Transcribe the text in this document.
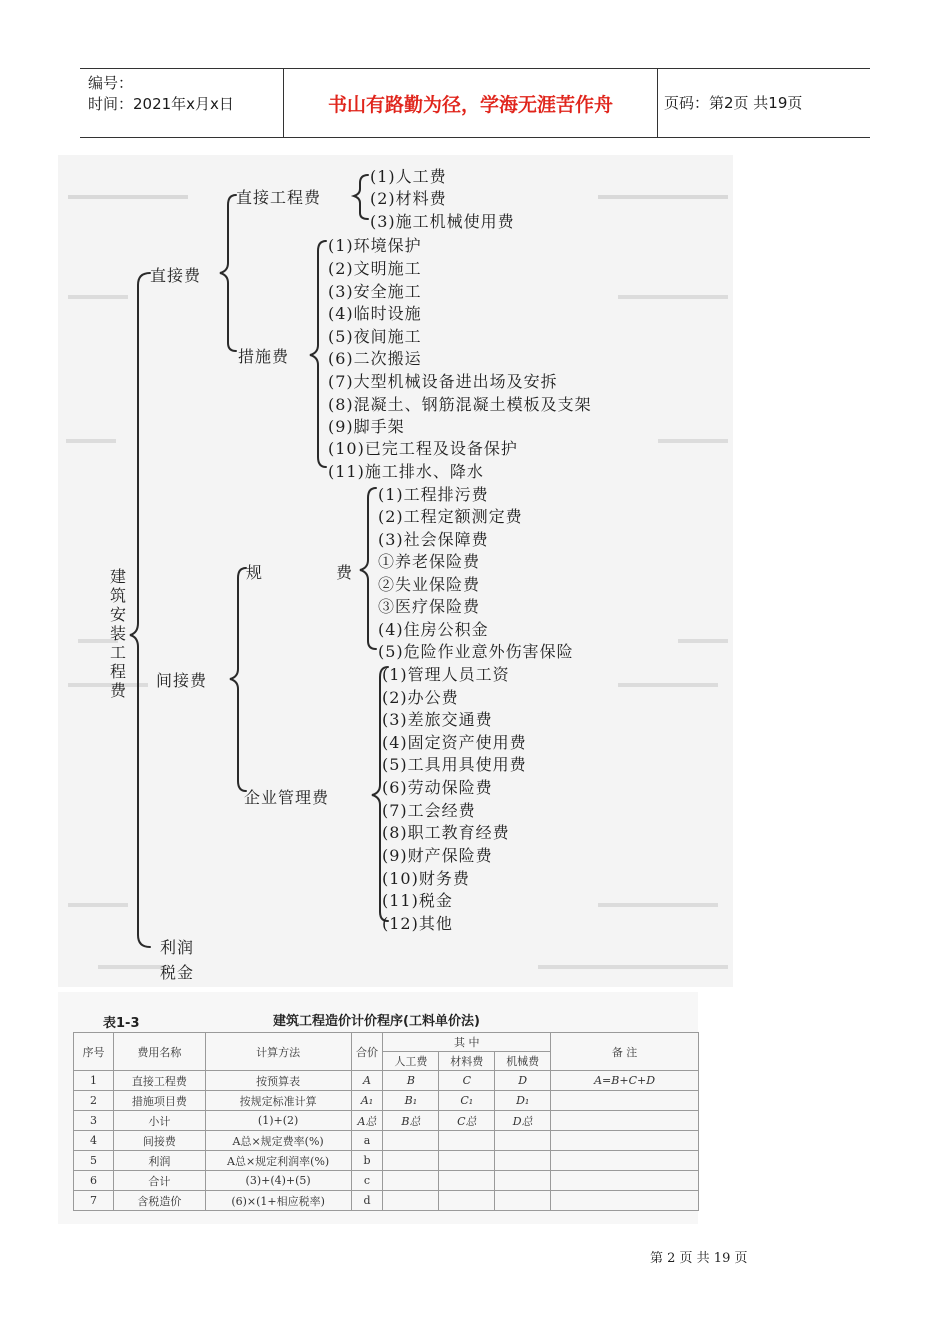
编号：
时间：2021年x月x日	书山有路勤为径，学海无涯苦作舟	页码：第2页 共19页
建筑安装工程费
直接费
间接费
利润
税金
直接工程费
措施费
规	费
企业管理费
(1)人工费
(2)材料费
(3)施工机械使用费
(1)环境保护
(2)文明施工
(3)安全施工
(4)临时设施
(5)夜间施工
(6)二次搬运
(7)大型机械设备进出场及安拆
(8)混凝土、钢筋混凝土模板及支架
(9)脚手架
(10)已完工程及设备保护
(11)施工排水、降水
(1)工程排污费
(2)工程定额测定费
(3)社会保障费
①养老保险费
②失业保险费
③医疗保险费
(4)住房公积金
(5)危险作业意外伤害保险
(1)管理人员工资
(2)办公费
(3)差旅交通费
(4)固定资产使用费
(5)工具用具使用费
(6)劳动保险费
(7)工会经费
(8)职工教育经费
(9)财产保险费
(10)财务费
(11)税金
(12)其他
表1-3	建筑工程造价计价程序(工料单价法)
序号	费用名称	计算方法	合价	其 中			备 注
				人工费	材料费	机械费	
1	直接工程费	按预算表	A	B	C	D	A=B+C+D
2	措施项目费	按规定标准计算	A₁	B₁	C₁	D₁	
3	小计	(1)+(2)	A总	B总	C总	D总	
4	间接费	A总×规定费率(%)	a				
5	利润	A总×规定利润率(%)	b				
6	合计	(3)+(4)+(5)	c				
7	含税造价	(6)×(1+相应税率)	d				
第 2 页 共 19 页
